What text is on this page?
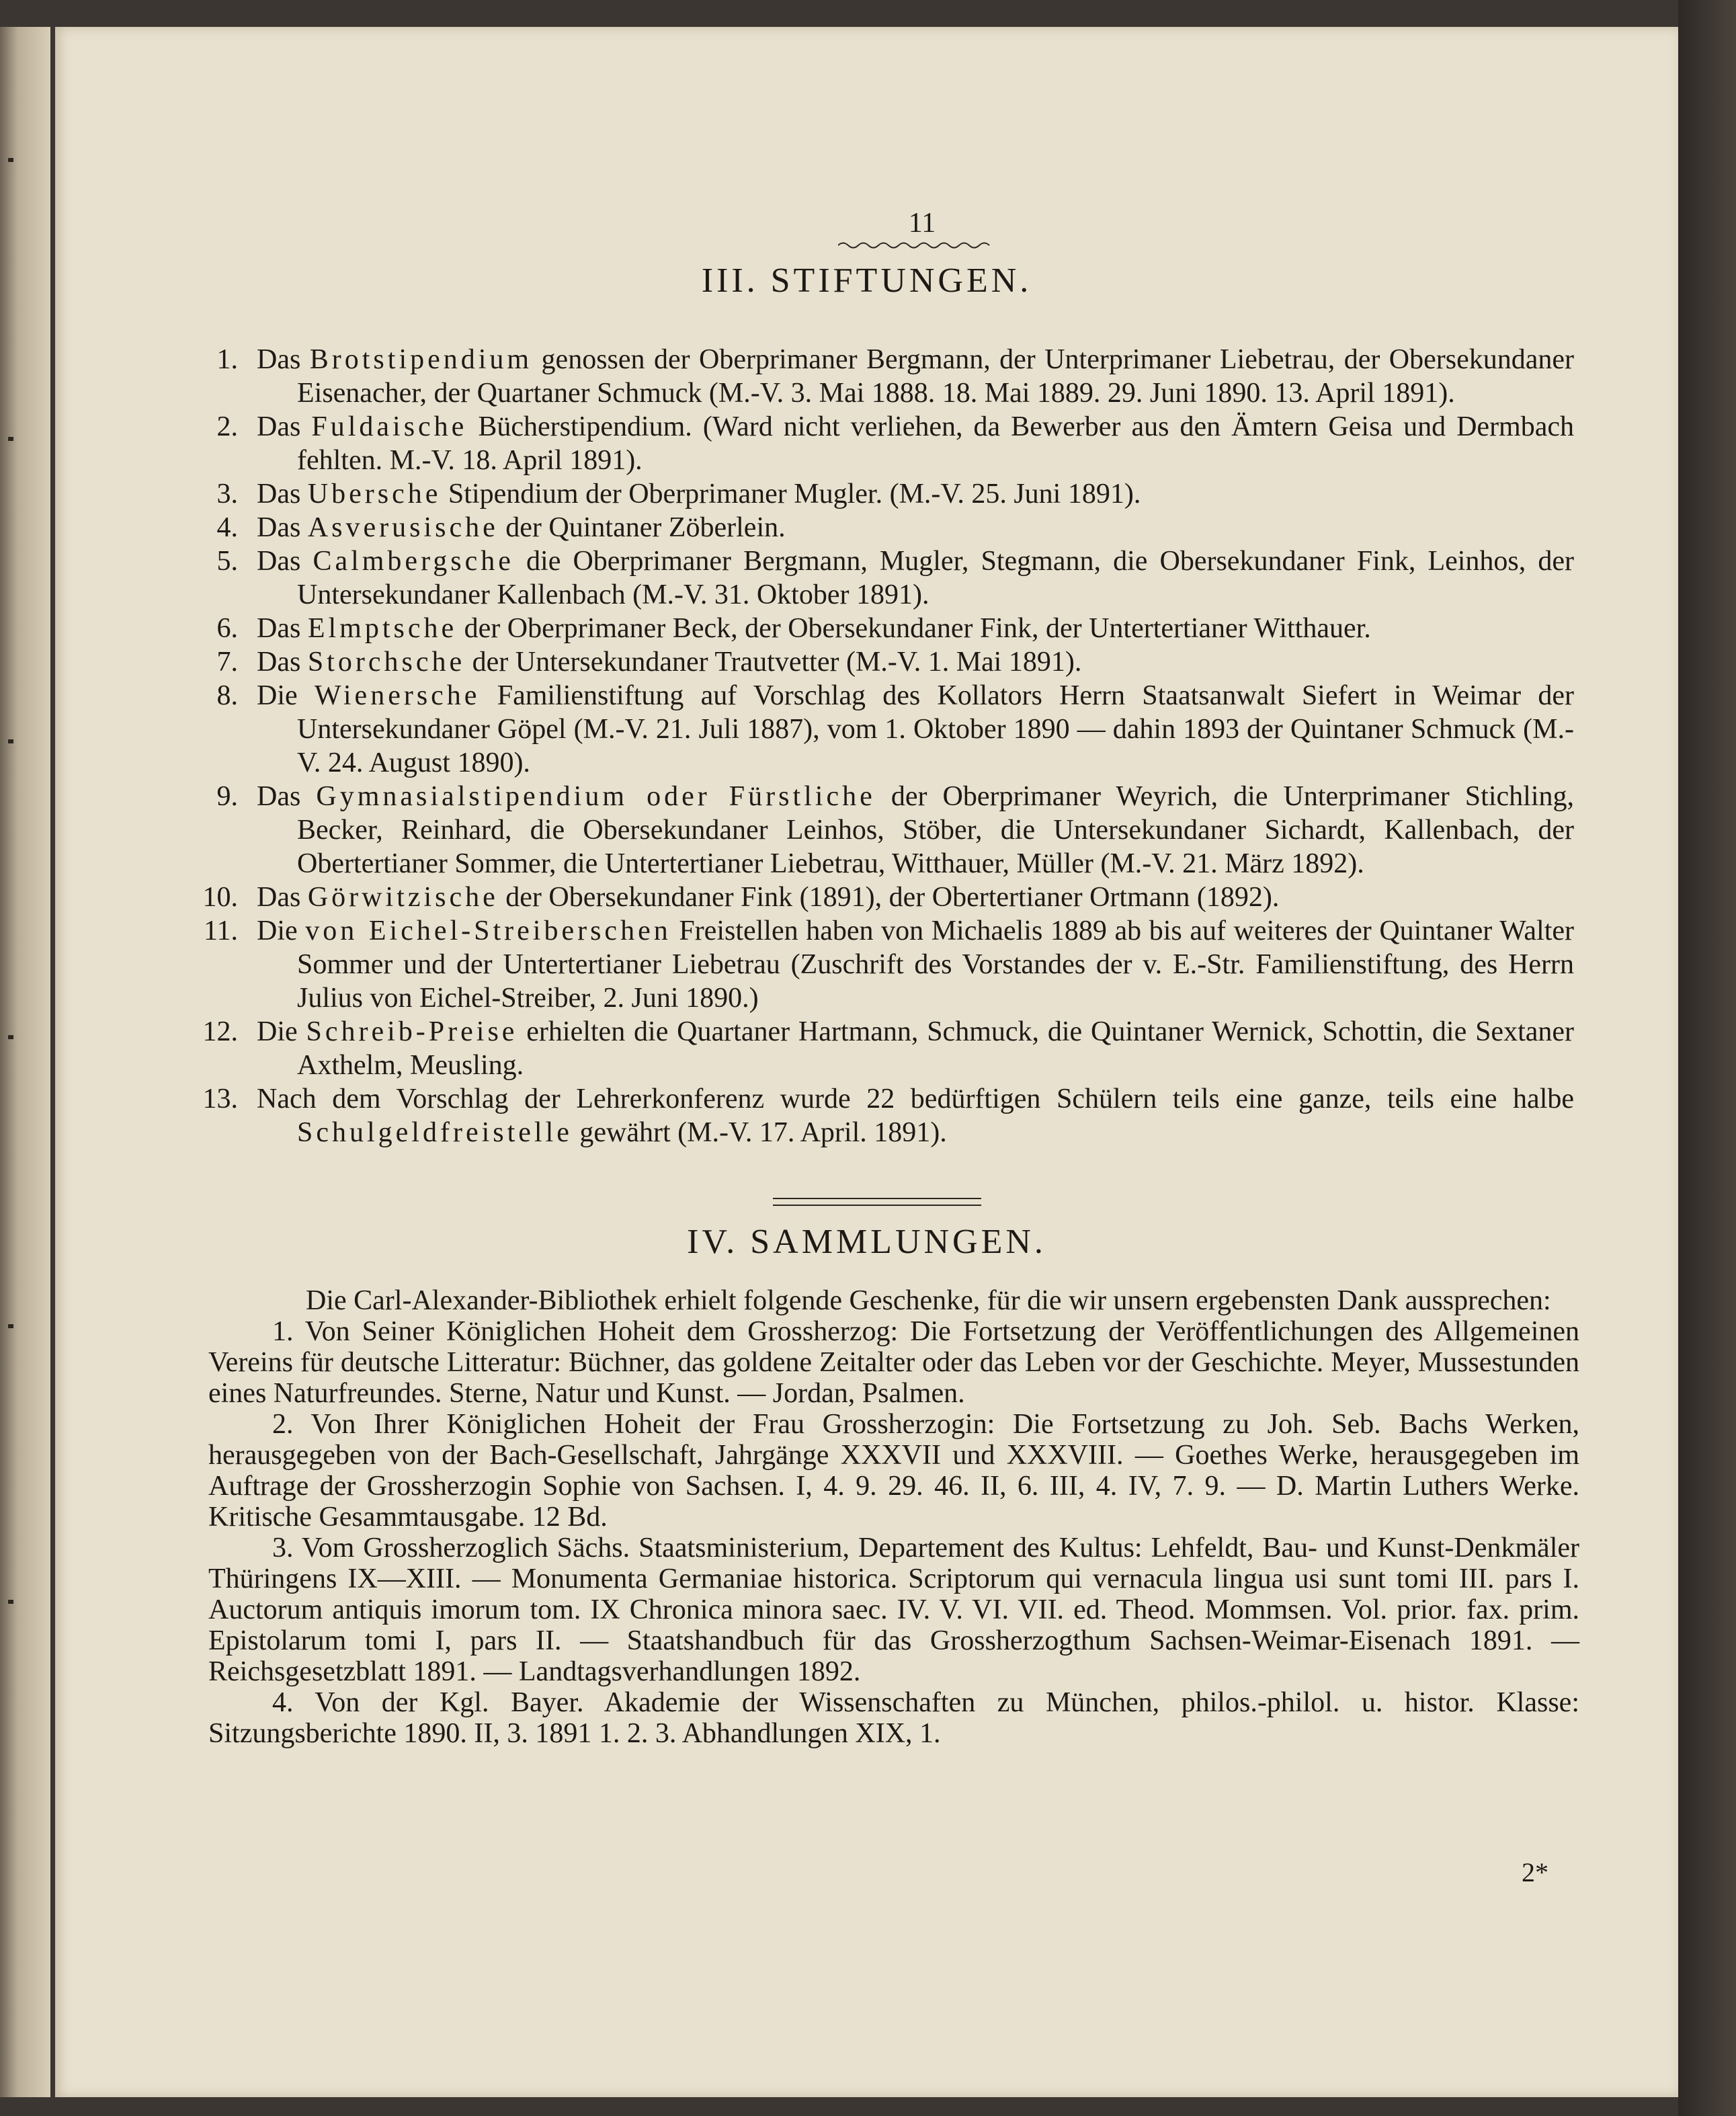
11
III. STIFTUNGEN.
1. Das Brotstipendium genossen der Oberprimaner Bergmann, der Unterprimaner Liebetrau, der Obersekundaner Eisenacher, der Quartaner Schmuck (M.-V. 3. Mai 1888. 18. Mai 1889. 29. Juni 1890. 13. April 1891).
2. Das Fuldaische Bücherstipendium. (Ward nicht verliehen, da Bewerber aus den Ämtern Geisa und Dermbach fehlten. M.-V. 18. April 1891).
3. Das Ubersche Stipendium der Oberprimaner Mugler. (M.-V. 25. Juni 1891).
4. Das Asverusische der Quintaner Zöberlein.
5. Das Calmbergsche die Oberprimaner Bergmann, Mugler, Stegmann, die Obersekundaner Fink, Leinhos, der Untersekundaner Kallenbach (M.-V. 31. Oktober 1891).
6. Das Elmptsche der Oberprimaner Beck, der Obersekundaner Fink, der Untertertianer Witthauer.
7. Das Storchsche der Untersekundaner Trautvetter (M.-V. 1. Mai 1891).
8. Die Wienersche Familienstiftung auf Vorschlag des Kollators Herrn Staatsanwalt Siefert in Weimar der Untersekundaner Göpel (M.-V. 21. Juli 1887), vom 1. Oktober 1890 — dahin 1893 der Quintaner Schmuck (M.-V. 24. August 1890).
9. Das Gymnasialstipendium oder Fürstliche der Oberprimaner Weyrich, die Unterprimaner Stichling, Becker, Reinhard, die Obersekundaner Leinhos, Stöber, die Untersekundaner Sichardt, Kallenbach, der Obertertianer Sommer, die Untertertianer Liebetrau, Witthauer, Müller (M.-V. 21. März 1892).
10. Das Görwitzische der Obersekundaner Fink (1891), der Obertertianer Ortmann (1892).
11. Die von Eichel-Streiberschen Freistellen haben von Michaelis 1889 ab bis auf weiteres der Quintaner Walter Sommer und der Untertertianer Liebetrau (Zuschrift des Vorstandes der v. E.-Str. Familienstiftung, des Herrn Julius von Eichel-Streiber, 2. Juni 1890.)
12. Die Schreib-Preise erhielten die Quartaner Hartmann, Schmuck, die Quintaner Wernick, Schottin, die Sextaner Axthelm, Meusling.
13. Nach dem Vorschlag der Lehrerkonferenz wurde 22 bedürftigen Schülern teils eine ganze, teils eine halbe Schulgeldfreistelle gewährt (M.-V. 17. April. 1891).
IV. SAMMLUNGEN.

Die Carl-Alexander-Bibliothek erhielt folgende Geschenke, für die wir unsern ergebensten Dank aussprechen:

1. Von Seiner Königlichen Hoheit dem Grossherzog: Die Fortsetzung der Veröffentlichungen des Allgemeinen Vereins für deutsche Litteratur: Büchner, das goldene Zeitalter oder das Leben vor der Geschichte. Meyer, Mussestunden eines Naturfreundes. Sterne, Natur und Kunst. — Jordan, Psalmen.

2. Von Ihrer Königlichen Hoheit der Frau Grossherzogin: Die Fortsetzung zu Joh. Seb. Bachs Werken, herausgegeben von der Bach-Gesellschaft, Jahrgänge XXXVII und XXXVIII. — Goethes Werke, herausgegeben im Auftrage der Grossherzogin Sophie von Sachsen. I, 4. 9. 29. 46. II, 6. III, 4. IV, 7. 9. — D. Martin Luthers Werke. Kritische Gesammtausgabe. 12 Bd.

3. Vom Grossherzoglich Sächs. Staatsministerium, Departement des Kultus: Lehfeldt, Bau- und Kunst-Denkmäler Thüringens IX—XIII. — Monumenta Germaniae historica. Scriptorum qui vernacula lingua usi sunt tomi III. pars I. Auctorum antiquis imorum tom. IX Chronica minora saec. IV. V. VI. VII. ed. Theod. Mommsen. Vol. prior. fax. prim. Epistolarum tomi I, pars II. — Staatshandbuch für das Grossherzogthum Sachsen-Weimar-Eisenach 1891. — Reichsgesetzblatt 1891. — Landtagsverhandlungen 1892.

4. Von der Kgl. Bayer. Akademie der Wissenschaften zu München, philos.-philol. u. histor. Klasse: Sitzungsberichte 1890. II, 3. 1891 1. 2. 3. Abhandlungen XIX, 1.

2*
